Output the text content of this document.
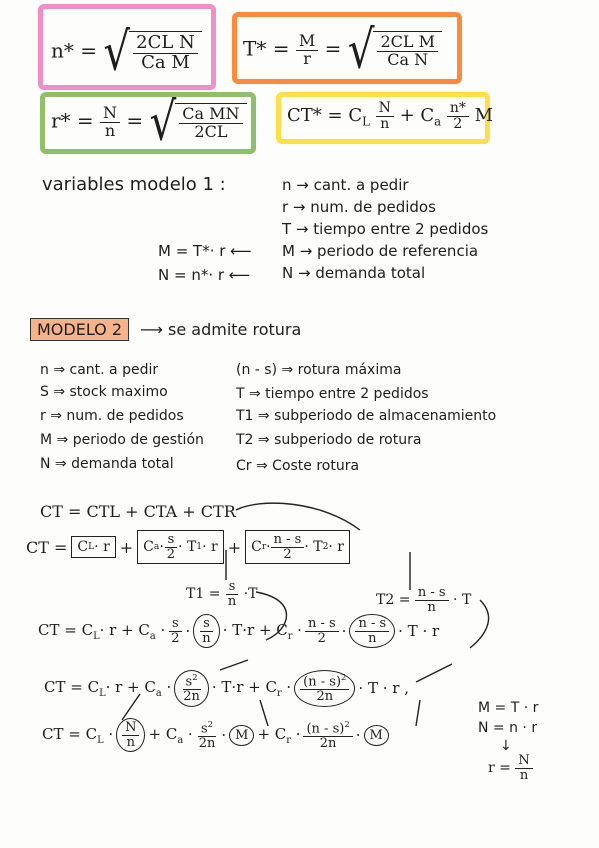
n* = √ $\frac{\text{2CL N}}{\text{Ca M}} T* = \frac{M}{r}$ = √ $\frac{\text{2CL M}}{\text{Ca N}}$
$r* = \frac{N}{n}$ = √ $\frac{\text{Ca MN}}{2CL} CT* = C_L \frac{N}{n} + C_a \frac{n*}{2}$ M
variables modelo 1 :	n → cant. a pedir
r → num. de pedidos
T → tiempo entre 2 pedidos
M → periodo de referencia
N → demanda total
M = T*· r ⟵
N = n*· r ⟵
MODELO 2	⟶ se admite rotura
n ⇒ cant. a pedir
S ⇒ stock maximo
r ⇒ num. de pedidos
M ⇒ periodo de gestión
N ⇒ demanda total
(n - s) ⇒ rotura máxima
T ⇒ tiempo entre 2 pedidos
T1 ⇒ subperiodo de almacenamiento
T2 ⇒ subperiodo de rotura
Cr ⇒ Coste rotura
CT = CTL + CTA + CTR
CT = C L · r + C $a \cdot \frac{s}{2} \cdot T$ 1 · r + C $r \cdot \frac{n - s}{2} \cdot T$ 2 · r
$T1 = \frac{s}{n} \cdot T$	$T2 = \frac{n - s}{n} \cdot T$
CT = $C_L\cdot r + C_a \cdot \frac{s}{2} \cdot \frac{s}{n} \cdot T\cdot r + C_r \cdot \frac{n - s}{2} \cdot \frac{n - s}{n} \cdot T \cdot r$
CT = $C_L\cdot r + C_a \cdot \frac{s^2}{2n} \cdot T\cdot r + C_r \cdot \frac{(n - s)^2}{2n} \cdot T \cdot r$ ,
CT = $C_L \cdot \frac{N}{n} + C_a \cdot \frac{s^2}{2n} \cdot M + C_r \cdot \frac{(n - s)^2}{2n} \cdot M$
M = T · r
N = n · r
↓
$r = \frac{N}{n}$
